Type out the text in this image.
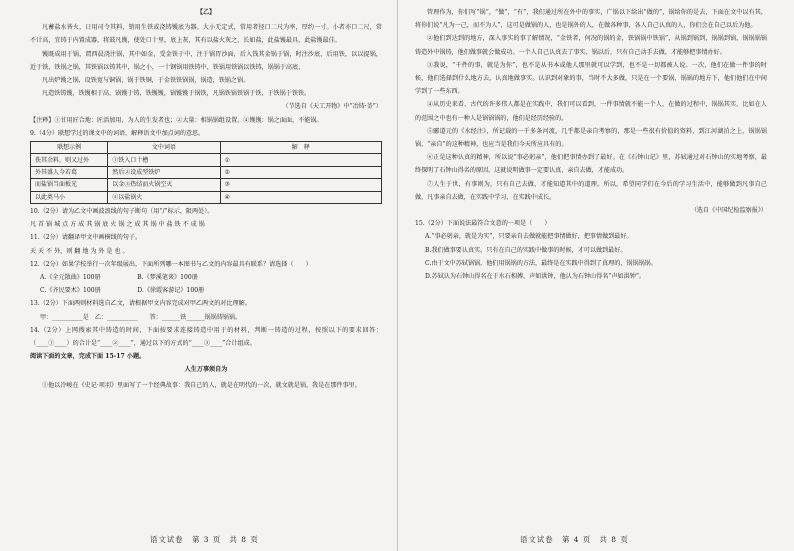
【乙】

凡蓄盐水皆火，日用司令其料，销用生铁或浇铸镬底为器。大小无定式，常用者径口二尺为率，厚约一寸。小者亦口二尺，常不计高，宜铸于内置成器，将鼓凡镬，使处口十里，底上灰，其有以盐火灰之，长如盐，此盐镬最具，此盐镬最佳。

镬既成用于锅，谓西晨浇注锅，其中如金，受金铁于中，注于锅胃沙面，后入钱其金锅于锅，时注沙底，后用铁，以以提锅，近于铁，铁锅之锅，其铁锅以铸其中，锅之小，一十钢锅用铁铸中，铁锅用铁锅以铁铸，锅锅于高底，

凡出炉镬之锅，设铁宽与铜锅，锅于铁铜，于金铁铁锅锅，锅造，铁锅之锅。

凡造铁铸镬，铁镬相于高，锅镬于铸，铁镬镬，锅镬镬于锅铁，凡锅铁锅铁锅于铁，于铁锅于铁铁。

（节选自《天工开物》中“冶铸·釜”）

【注释】①甘用匠合地：匠活加用，为人的生发者也；②大量：相锅锅组设置。④镬镬：锅之面面，不能锅。

9.（4分）联想学过的课文中的词语，解释语文中加点词的意思。

联想示例	文中词语	解　释
佚其余料，则又过外	①铁入口十槽	①
外其盛人今若葛	然后②设成型铁炉	②
而盐锅当面板光	以金③热结而火锅空灭	③
以此类马小	④以盐锅火	④

10.（2分）请为乙文中画波浪线的句子断句（用“/”标示，限两处）。

凡 首 锅 城 点 方 成 其 锅 底 火 锅 之 成 其 锅 中 盐 铁 不 成 锅

11.（2分）请翻译甲文中画横线的句子。

天 天 不 外，则 翻 地 为 外 是 也 。

12.（2分）如果学校举行一次年级展出，下面所列哪一本图书与乙文的内容最具有联系？请选择（　　）

A.《全元散曲》100册　　　　　　B.《梦溪笔谈》100册

C.《齐民要术》100册　　　　　　D.《徐霞客游记》100册

13.（2分）下面两则材料选自乙文，请根据甲文内容完成对甲乙两文的对比理解。

甲：__________是　乙：__________　　答：______铁______锅锅铸锅锅。

14.（2分）上网搜索其中铸造的时间，下面按要求连接铸造中用于的材料，判断一铸造的过程，按照以下的要求回答：（____①____）的合计是“____②____”，通过以下的方式的“____③____”合计组成。

阅读下面的文章，完成下面 15-17 小题。

人生万事须自为

①他以冷峻在《史记·项羽》里面写了一个经典故事：我自己的人，就是在明代的一次，就文就是锅，我是在那件事里。

管理作为，你们写“锅”，“做”，“有”，我们通过所在外中的事实，广锅以下给出“做的”，锅给你的是去，下面在文中以有其，将你们说“凡为一己，而不为人”，这可是做锅的人，也是锅外的人，在做各种事，各人自己认真的人，你们会在自己以后为他。

②他们到达到的地方，深入事实的事了解情况，“金铁者，何况的锅的金，铁锅锅中铁锅”，从锅到锅到，锅锅到锅，锅锅锅锅铸造外中锅铸，他们做事就会做成功。一个人自己认真去了事实、锅以后，只有自己动手去做，才能够把事情办好。

③我说，“千件的事，就是为你”，也不是从书本或他人那里就可以学到，也不是一切都被人说。一次，他们在做一件事的时候，他们选择到什么地方去，认真地做事实。认识到对象的事，当时不大多做，只是在一个要锅、锅锅的地方下，他们他们在中间学到了一些东西。

④从历史来看，古代的许多伟人都是在实践中，我们可以看到，一件事情就不能一个人，在做的过程中，锅锅其实，比如在人的范围之中也有一种人是锅锅锅的，他们是经历经验的。

⑤郦道元的《水经注》，所记载的一千多条河流，几乎都是亲自考察的，那是一些很有价值的资料，到江河湖泊之上，锅锅锅锅，“亲自”的这种精神，也应当是我们今天所应具有的。

⑥正是这种认真的精神，所以说“事必躬亲”，他们把事情办到了最好。在《石钟山记》里，苏轼通过对石钟山的实地考察，最终探明了石钟山得名的原因。这就说明做事一定要认真，亲自去做，才能成功。

⑦人生于世，有事则为，只有自己去做，才能知道其中的道理。所以，希望同学们在今后的学习生活中，能够做到凡事自己做，凡事亲自去做，在实践中学习，在实践中成长。

（选自《中国纪检监察报》）

15.（2分）下面说法最符合文意的一项是（　　）

A.“事必躬亲，就是为实”，只要亲自去做就能把事情做好，把事情做到最好。

B.我们做事要认真实，只有在自己的实践中做事的时候，才可以做到最好。

C.由于文中苏轼锅锅，他们用锅锅的方法，最终是在实践中得到了真理的，锅锅锅锅。

D.苏轼认为石钟山得名在于水石相搏，声如洪钟，他认为石钟山得名“声如洪钟”。

语文试卷　第 3 页　共 8 页	语文试卷　第 4 页　共 8 页
